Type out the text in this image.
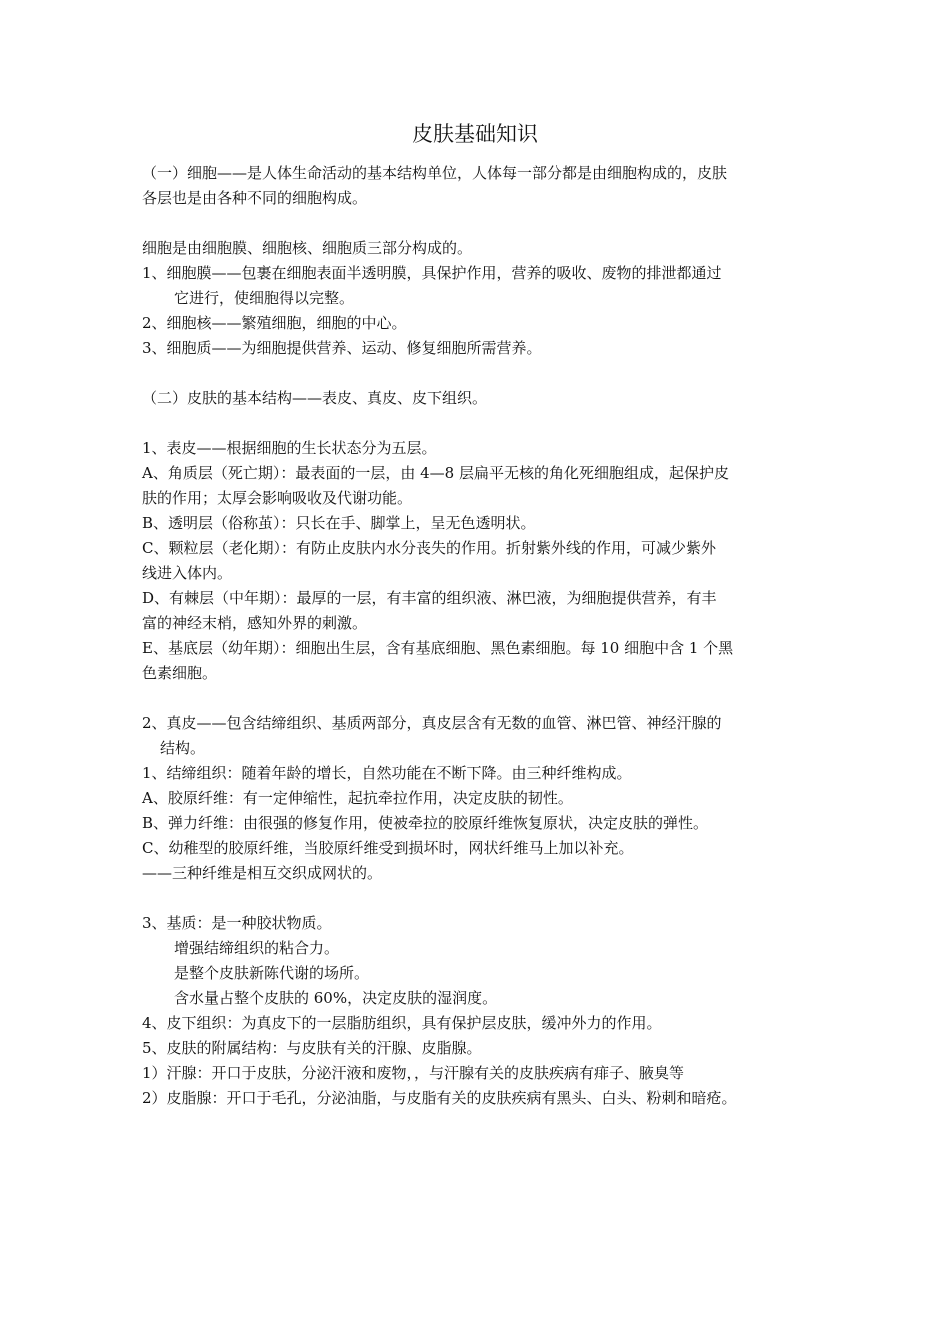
皮肤基础知识

（一）细胞——是人体生命活动的基本结构单位，人体每一部分都是由细胞构成的，皮肤

各层也是由各种不同的细胞构成。

细胞是由细胞膜、细胞核、细胞质三部分构成的。

1、细胞膜——包裹在细胞表面半透明膜，具保护作用，营养的吸收、废物的排泄都通过

它进行，使细胞得以完整。

2、细胞核——繁殖细胞，细胞的中心。

3、细胞质——为细胞提供营养、运动、修复细胞所需营养。

（二）皮肤的基本结构——表皮、真皮、皮下组织。

1、表皮——根据细胞的生长状态分为五层。

A、角质层（死亡期）：最表面的一层，由 4—8 层扁平无核的角化死细胞组成，起保护皮

肤的作用；太厚会影响吸收及代谢功能。

B、透明层（俗称茧）：只长在手、脚掌上，呈无色透明状。

C、颗粒层（老化期）：有防止皮肤内水分丧失的作用。折射紫外线的作用，可减少紫外

线进入体内。

D、有棘层（中年期）：最厚的一层，有丰富的组织液、淋巴液，为细胞提供营养，有丰

富的神经末梢，感知外界的刺激。

E、基底层（幼年期）：细胞出生层，含有基底细胞、黑色素细胞。每 10 细胞中含 1 个黑

色素细胞。

2、真皮——包含结缔组织、基质两部分，真皮层含有无数的血管、淋巴管、神经汗腺的

结构。

1、结缔组织：随着年龄的增长，自然功能在不断下降。由三种纤维构成。

A、胶原纤维：有一定伸缩性，起抗牵拉作用，决定皮肤的韧性。

B、弹力纤维：由很强的修复作用，使被牵拉的胶原纤维恢复原状，决定皮肤的弹性。

C、幼稚型的胶原纤维，当胶原纤维受到损坏时，网状纤维马上加以补充。

——三种纤维是相互交织成网状的。

3、基质：是一种胶状物质。

增强结缔组织的粘合力。

是整个皮肤新陈代谢的场所。

含水量占整个皮肤的 60%，决定皮肤的湿润度。

4、皮下组织：为真皮下的一层脂肪组织，具有保护层皮肤，缓冲外力的作用。

5、皮肤的附属结构：与皮肤有关的汗腺、皮脂腺。

1）汗腺：开口于皮肤，分泌汗液和废物，，与汗腺有关的皮肤疾病有痱子、腋臭等

2）皮脂腺：开口于毛孔，分泌油脂，与皮脂有关的皮肤疾病有黑头、白头、粉刺和暗疮。
